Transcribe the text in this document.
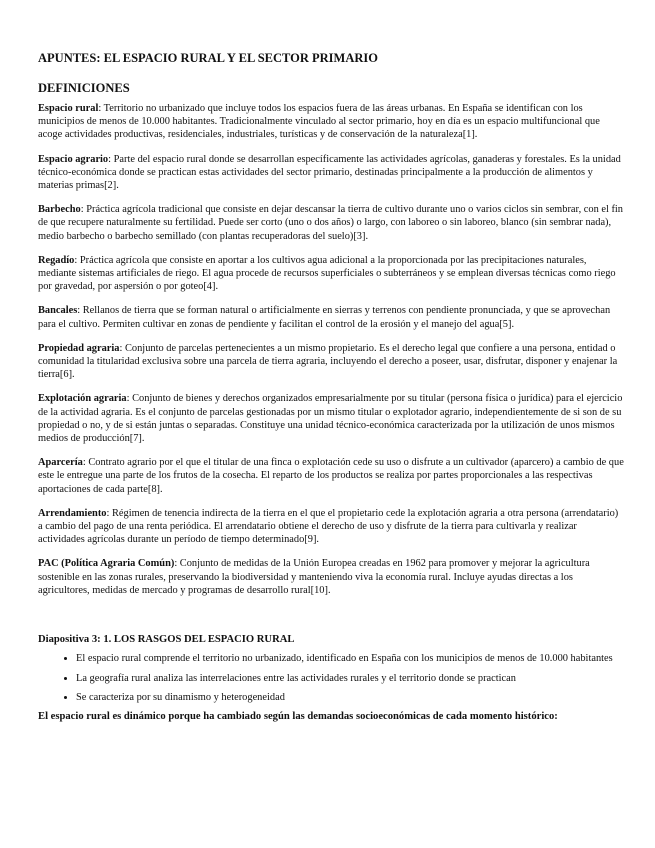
APUNTES: EL ESPACIO RURAL Y EL SECTOR PRIMARIO
DEFINICIONES

Espacio rural: Territorio no urbanizado que incluye todos los espacios fuera de las áreas urbanas. En España se identifican con los municipios de menos de 10.000 habitantes. Tradicionalmente vinculado al sector primario, hoy en día es un espacio multifuncional que acoge actividades productivas, residenciales, industriales, turísticas y de conservación de la naturaleza[1].

Espacio agrario: Parte del espacio rural donde se desarrollan específicamente las actividades agrícolas, ganaderas y forestales. Es la unidad técnico-económica donde se practican estas actividades del sector primario, destinadas principalmente a la producción de alimentos y materias primas[2].

Barbecho: Práctica agrícola tradicional que consiste en dejar descansar la tierra de cultivo durante uno o varios ciclos sin sembrar, con el fin de que recupere naturalmente su fertilidad. Puede ser corto (uno o dos años) o largo, con laboreo o sin laboreo, blanco (sin sembrar nada), medio barbecho o barbecho semillado (con plantas recuperadoras del suelo)[3].

Regadío: Práctica agrícola que consiste en aportar a los cultivos agua adicional a la proporcionada por las precipitaciones naturales, mediante sistemas artificiales de riego. El agua procede de recursos superficiales o subterráneos y se emplean diversas técnicas como riego por gravedad, por aspersión o por goteo[4].

Bancales: Rellanos de tierra que se forman natural o artificialmente en sierras y terrenos con pendiente pronunciada, y que se aprovechan para el cultivo. Permiten cultivar en zonas de pendiente y facilitan el control de la erosión y el manejo del agua[5].

Propiedad agraria: Conjunto de parcelas pertenecientes a un mismo propietario. Es el derecho legal que confiere a una persona, entidad o comunidad la titularidad exclusiva sobre una parcela de tierra agraria, incluyendo el derecho a poseer, usar, disfrutar, disponer y enajenar la tierra[6].

Explotación agraria: Conjunto de bienes y derechos organizados empresarialmente por su titular (persona física o jurídica) para el ejercicio de la actividad agraria. Es el conjunto de parcelas gestionadas por un mismo titular o explotador agrario, independientemente de si son de su propiedad o no, y de si están juntas o separadas. Constituye una unidad técnico-económica caracterizada por la utilización de unos mismos medios de producción[7].

Aparcería: Contrato agrario por el que el titular de una finca o explotación cede su uso o disfrute a un cultivador (aparcero) a cambio de que este le entregue una parte de los frutos de la cosecha. El reparto de los productos se realiza por partes proporcionales a las respectivas aportaciones de cada parte[8].

Arrendamiento: Régimen de tenencia indirecta de la tierra en el que el propietario cede la explotación agraria a otra persona (arrendatario) a cambio del pago de una renta periódica. El arrendatario obtiene el derecho de uso y disfrute de la tierra para cultivarla y realizar actividades agrícolas durante un período de tiempo determinado[9].

PAC (Política Agraria Común): Conjunto de medidas de la Unión Europea creadas en 1962 para promover y mejorar la agricultura sostenible en las zonas rurales, preservando la biodiversidad y manteniendo viva la economía rural. Incluye ayudas directas a los agricultores, medidas de mercado y programas de desarrollo rural[10].

Diapositiva 3: 1. LOS RASGOS DEL ESPACIO RURAL

• El espacio rural comprende el territorio no urbanizado, identificado en España con los municipios de menos de 10.000 habitantes
• La geografía rural analiza las interrelaciones entre las actividades rurales y el territorio donde se practican
• Se caracteriza por su dinamismo y heterogeneidad

El espacio rural es dinámico porque ha cambiado según las demandas socioeconómicas de cada momento histórico:
